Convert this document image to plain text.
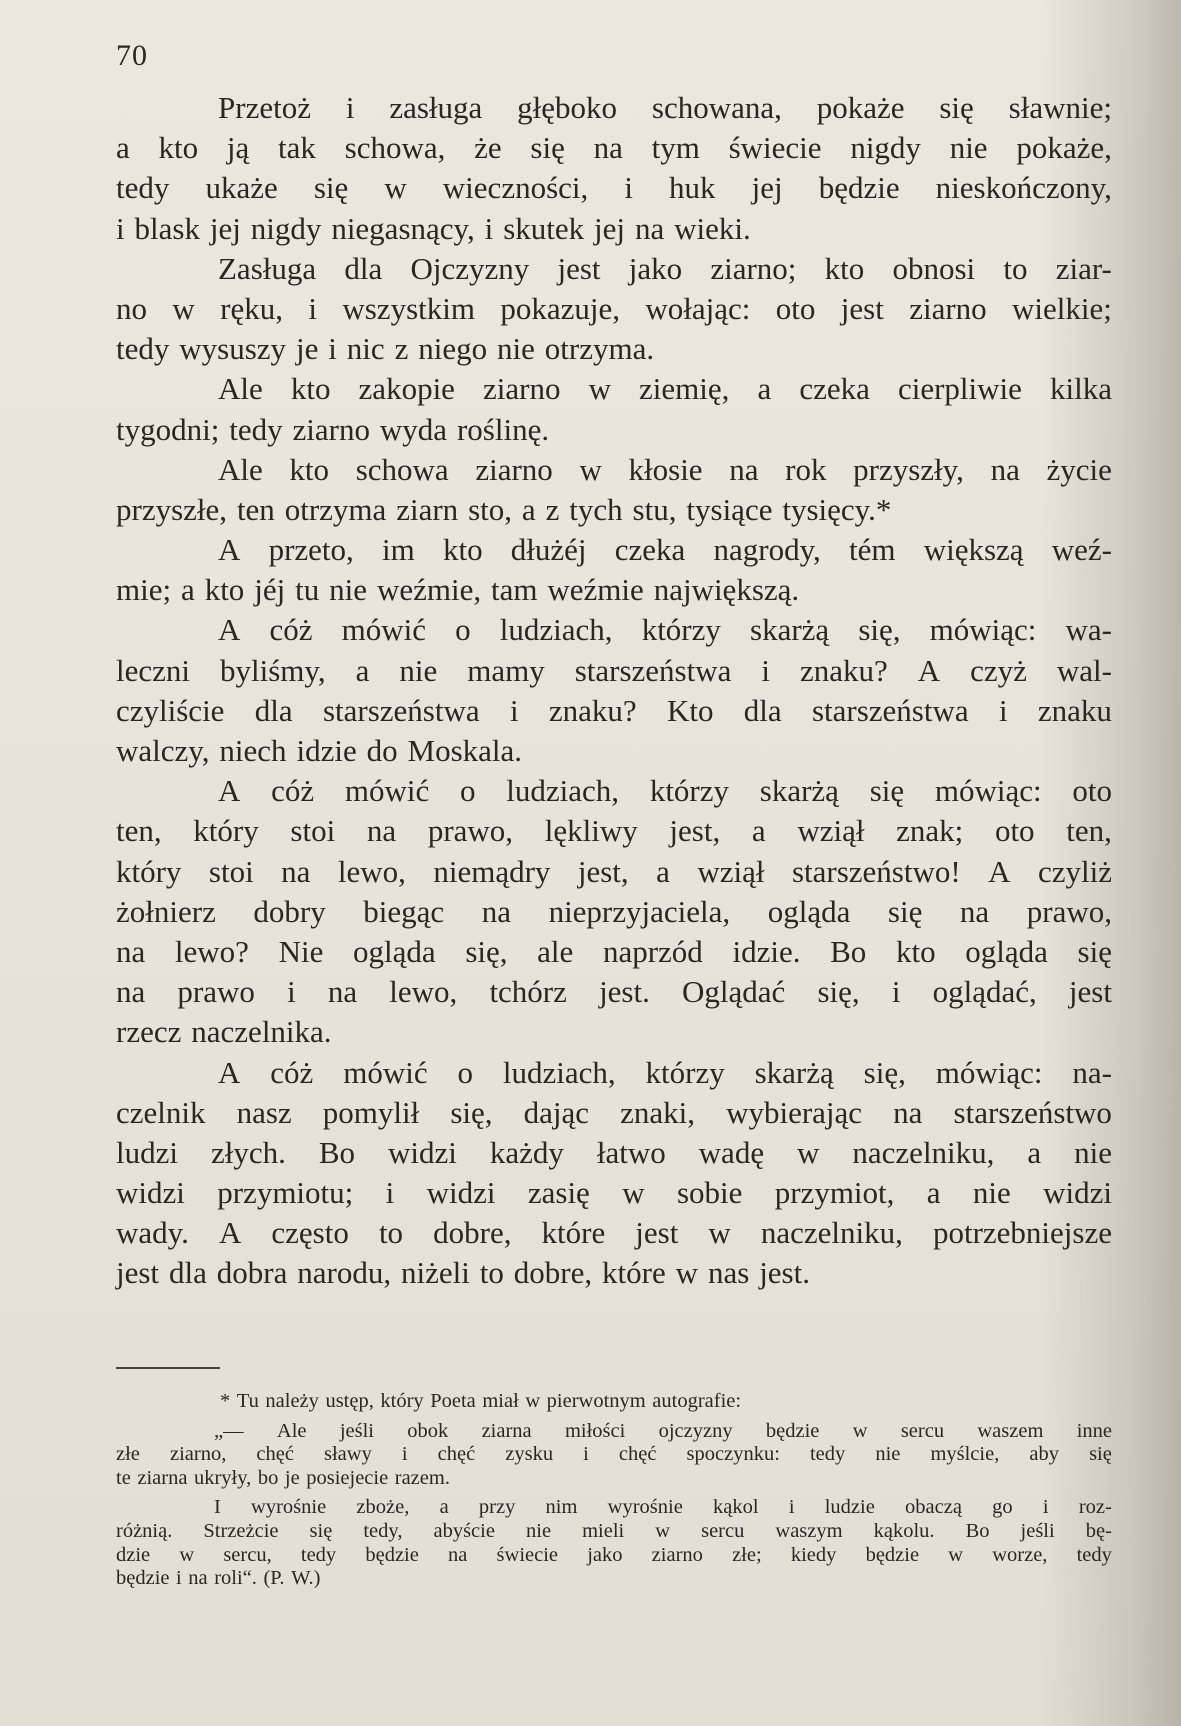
70
Przetoż i zasługa głęboko schowana, pokaże się sławnie;
a kto ją tak schowa, że się na tym świecie nigdy nie pokaże,
tedy ukaże się w wieczności, i huk jej będzie nieskończony,
i blask jej nigdy niegasnący, i skutek jej na wieki.
Zasługa dla Ojczyzny jest jako ziarno; kto obnosi to ziar-
no w ręku, i wszystkim pokazuje, wołając: oto jest ziarno wielkie;
tedy wysuszy je i nic z niego nie otrzyma.
Ale kto zakopie ziarno w ziemię, a czeka cierpliwie kilka
tygodni; tedy ziarno wyda roślinę.
Ale kto schowa ziarno w kłosie na rok przyszły, na życie
przyszłe, ten otrzyma ziarn sto, a z tych stu, tysiące tysięcy.*
A przeto, im kto dłużéj czeka nagrody, tém większą weź-
mie; a kto jéj tu nie weźmie, tam weźmie największą.
A cóż mówić o ludziach, którzy skarżą się, mówiąc: wa-
leczni byliśmy, a nie mamy starszeństwa i znaku? A czyż wal-
czyliście dla starszeństwa i znaku? Kto dla starszeństwa i znaku
walczy, niech idzie do Moskala.
A cóż mówić o ludziach, którzy skarżą się mówiąc: oto
ten, który stoi na prawo, lękliwy jest, a wziął znak; oto ten,
który stoi na lewo, niemądry jest, a wziął starszeństwo! A czyliż
żołnierz dobry biegąc na nieprzyjaciela, ogląda się na prawo,
na lewo? Nie ogląda się, ale naprzód idzie. Bo kto ogląda się
na prawo i na lewo, tchórz jest. Oglądać się, i oglądać, jest
rzecz naczelnika.
A cóż mówić o ludziach, którzy skarżą się, mówiąc: na-
czelnik nasz pomylił się, dając znaki, wybierając na starszeństwo
ludzi złych. Bo widzi każdy łatwo wadę w naczelniku, a nie
widzi przymiotu; i widzi zasię w sobie przymiot, a nie widzi
wady. A często to dobre, które jest w naczelniku, potrzebniejsze
jest dla dobra narodu, niżeli to dobre, które w nas jest.
* Tu należy ustęp, który Poeta miał w pierwotnym autografie:
„— Ale jeśli obok ziarna miłości ojczyzny będzie w sercu waszem inne
złe ziarno, chęć sławy i chęć zysku i chęć spoczynku: tedy nie myślcie, aby się
te ziarna ukryły, bo je posiejecie razem.
I wyrośnie zboże, a przy nim wyrośnie kąkol i ludzie obaczą go i roz-
różnią. Strzeżcie się tedy, abyście nie mieli w sercu waszym kąkolu. Bo jeśli bę-
dzie w sercu, tedy będzie na świecie jako ziarno złe; kiedy będzie w worze, tedy
będzie i na roli“. (P. W.)
